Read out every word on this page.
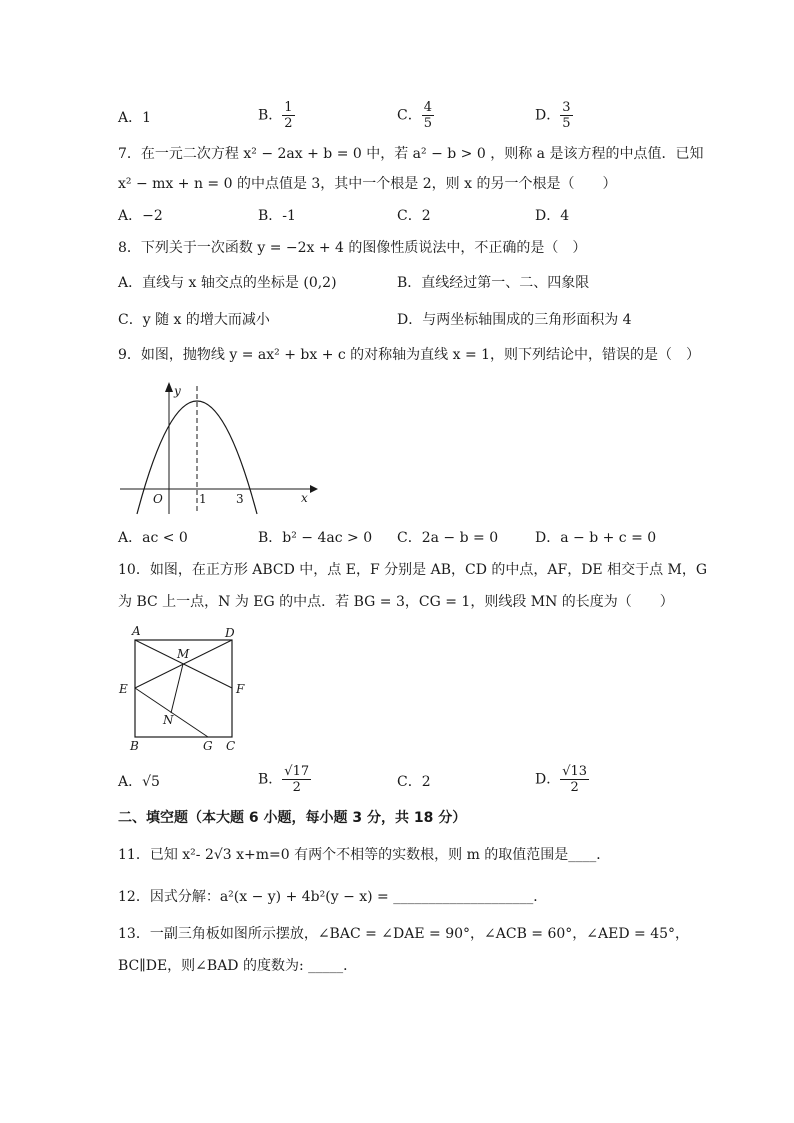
A．1	B． $\frac{1}{2}$	C． $\frac{4}{5}$	D． $\frac{3}{5}$
7．在一元二次方程 x² − 2ax + b = 0 中，若 a² − b > 0 ，则称 a 是该方程的中点值．已知
x² − mx + n = 0 的中点值是 3，其中一个根是 2，则 x 的另一个根是（　　）
A．−2	B．-1	C．2	D．4
8．下列关于一次函数 y = −2x + 4 的图像性质说法中，不正确的是（　）
A．直线与 x 轴交点的坐标是 (0,2)	B．直线经过第一、二、四象限
C．y 随 x 的增大而减小	D．与两坐标轴围成的三角形面积为 4
9．如图，抛物线 y = ax² + bx + c 的对称轴为直线 x = 1，则下列结论中，错误的是（　）
y
x
O	1 3
A．ac < 0	B．b² − 4ac > 0 C．2a − b = 0	D．a − b + c = 0
10．如图，在正方形 ABCD 中，点 E，F 分别是 AB，CD 的中点，AF，DE 相交于点 M，G
为 BC 上一点，N 为 EG 的中点．若 BG = 3，CG = 1，则线段 MN 的长度为（　　）
A	D
E	F
M
N
B	G C
A．√5	B． $\frac{√17}{2}$	C．2	D． $\frac{√13}{2}$
二、填空题（本大题 6 小题，每小题 3 分，共 18 分）
11．已知 x²- 2√3 x+m=0 有两个不相等的实数根，则 m 的取值范围是____．
12．因式分解：a²(x − y) + 4b²(y − x) = ____________________．
13．一副三角板如图所示摆放，∠BAC = ∠DAE = 90°，∠ACB = 60°，∠AED = 45°，
BC∥DE，则∠BAD 的度数为: _____．
